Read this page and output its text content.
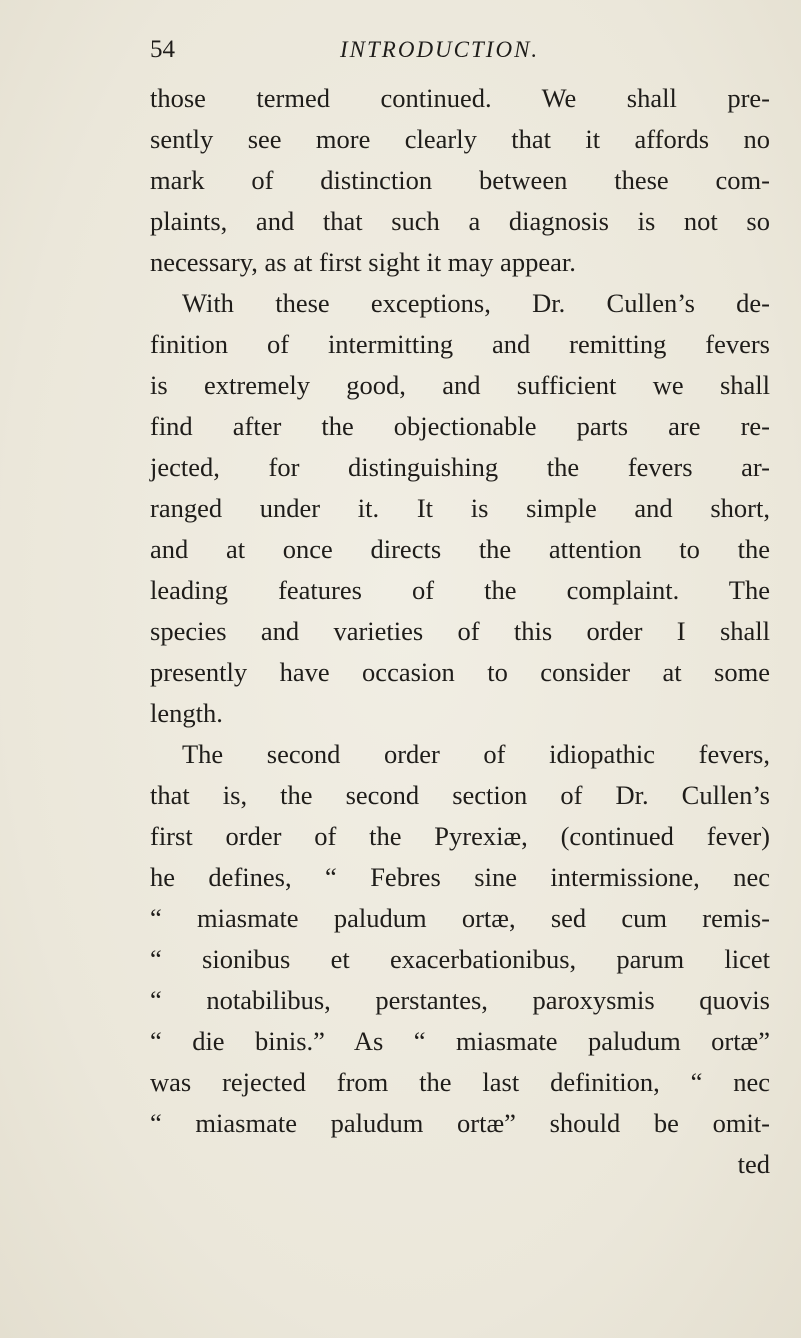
54	INTRODUCTION.
those termed continued. We shall pre-
sently see more clearly that it affords no
mark of distinction between these com-
plaints, and that such a diagnosis is not so
necessary, as at first sight it may appear.
With these exceptions, Dr. Cullen’s de-
finition of intermitting and remitting fevers
is extremely good, and sufficient we shall
find after the objectionable parts are re-
jected, for distinguishing the fevers ar-
ranged under it. It is simple and short,
and at once directs the attention to the
leading features of the complaint. The
species and varieties of this order I shall
presently have occasion to consider at some
length.
The second order of idiopathic fevers,
that is, the second section of Dr. Cullen’s
first order of the Pyrexiæ, (continued fever)
he defines, “ Febres sine intermissione, nec
“ miasmate paludum ortæ, sed cum remis-
“ sionibus et exacerbationibus, parum licet
“ notabilibus, perstantes, paroxysmis quovis
“ die binis.” As “ miasmate paludum ortæ”
was rejected from the last definition, “ nec
“ miasmate paludum ortæ” should be omit-
ted
